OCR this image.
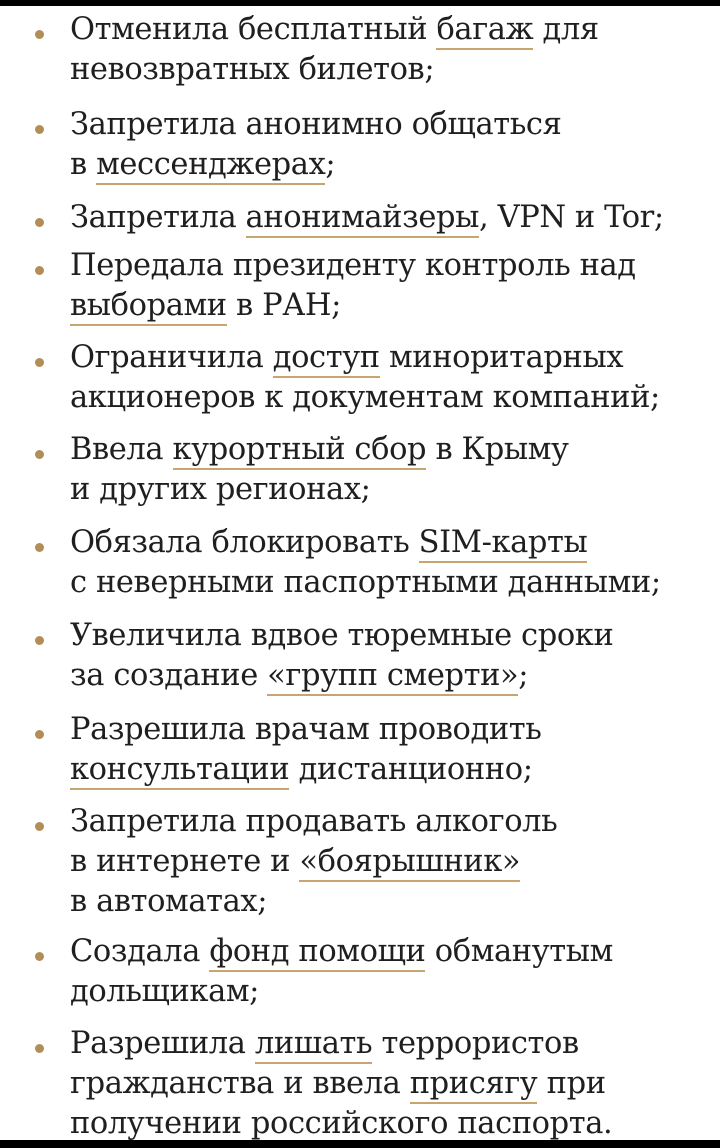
Отменила бесплатный багаж для
невозвратных билетов;
Запретила анонимно общаться
в мессенджерах;
Запретила анонимайзеры, VPN и Tor;
Передала президенту контроль над
выборами в РАН;
Ограничила доступ миноритарных
акционеров к документам компаний;
Ввела курортный сбор в Крыму
и других регионах;
Обязала блокировать SIM-карты
с неверными паспортными данными;
Увеличила вдвое тюремные сроки
за создание «групп смерти»;
Разрешила врачам проводить
консультации дистанционно;
Запретила продавать алкоголь
в интернете и «боярышник»
в автоматах;
Создала фонд помощи обманутым
дольщикам;
Разрешила лишать террористов
гражданства и ввела присягу при
получении российского паспорта.
